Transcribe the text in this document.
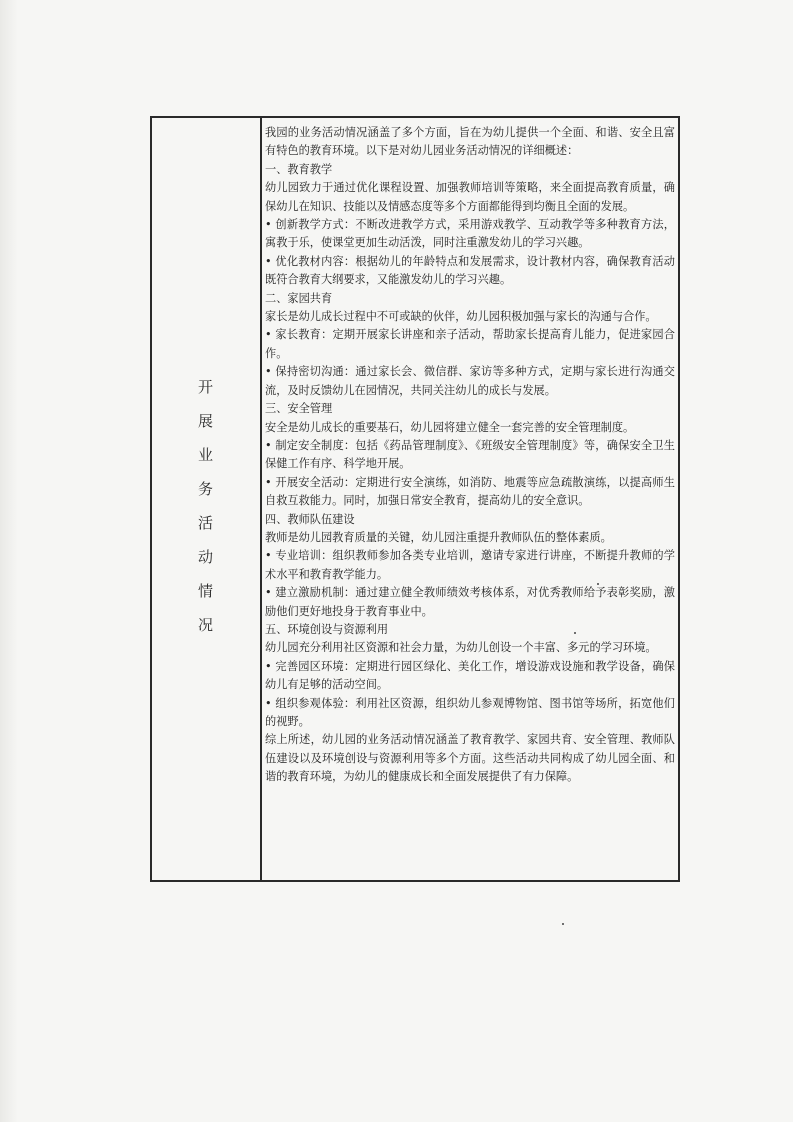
开
展
业
务
活
动
情
况

我园的业务活动情况涵盖了多个方面，旨在为幼儿提供一个全面、和谐、安全且富有特色的教育环境。以下是对幼儿园业务活动情况的详细概述：

一、教育教学

幼儿园致力于通过优化课程设置、加强教师培训等策略，来全面提高教育质量，确保幼儿在知识、技能以及情感态度等多个方面都能得到均衡且全面的发展。

• 创新教学方式：不断改进教学方式，采用游戏教学、互动教学等多种教育方法，寓教于乐，使课堂更加生动活泼，同时注重激发幼儿的学习兴趣。

• 优化教材内容：根据幼儿的年龄特点和发展需求，设计教材内容，确保教育活动既符合教育大纲要求，又能激发幼儿的学习兴趣。

二、家园共育

家长是幼儿成长过程中不可或缺的伙伴，幼儿园积极加强与家长的沟通与合作。

• 家长教育：定期开展家长讲座和亲子活动，帮助家长提高育儿能力，促进家园合作。

• 保持密切沟通：通过家长会、微信群、家访等多种方式，定期与家长进行沟通交流，及时反馈幼儿在园情况，共同关注幼儿的成长与发展。

三、安全管理

安全是幼儿成长的重要基石，幼儿园将建立健全一套完善的安全管理制度。

• 制定安全制度：包括《药品管理制度》、《班级安全管理制度》等，确保安全卫生保健工作有序、科学地开展。

• 开展安全活动：定期进行安全演练，如消防、地震等应急疏散演练，以提高师生自救互救能力。同时，加强日常安全教育，提高幼儿的安全意识。

四、教师队伍建设

教师是幼儿园教育质量的关键，幼儿园注重提升教师队伍的整体素质。

• 专业培训：组织教师参加各类专业培训，邀请专家进行讲座，不断提升教师的学术水平和教育教学能力。

• 建立激励机制：通过建立健全教师绩效考核体系，对优秀教师给予表彰奖励，激励他们更好地投身于教育事业中。

五、环境创设与资源利用

幼儿园充分利用社区资源和社会力量，为幼儿创设一个丰富、多元的学习环境。

• 完善园区环境：定期进行园区绿化、美化工作，增设游戏设施和教学设备，确保幼儿有足够的活动空间。

• 组织参观体验：利用社区资源，组织幼儿参观博物馆、图书馆等场所，拓宽他们的视野。

综上所述，幼儿园的业务活动情况涵盖了教育教学、家园共育、安全管理、教师队伍建设以及环境创设与资源利用等多个方面。这些活动共同构成了幼儿园全面、和谐的教育环境，为幼儿的健康成长和全面发展提供了有力保障。
